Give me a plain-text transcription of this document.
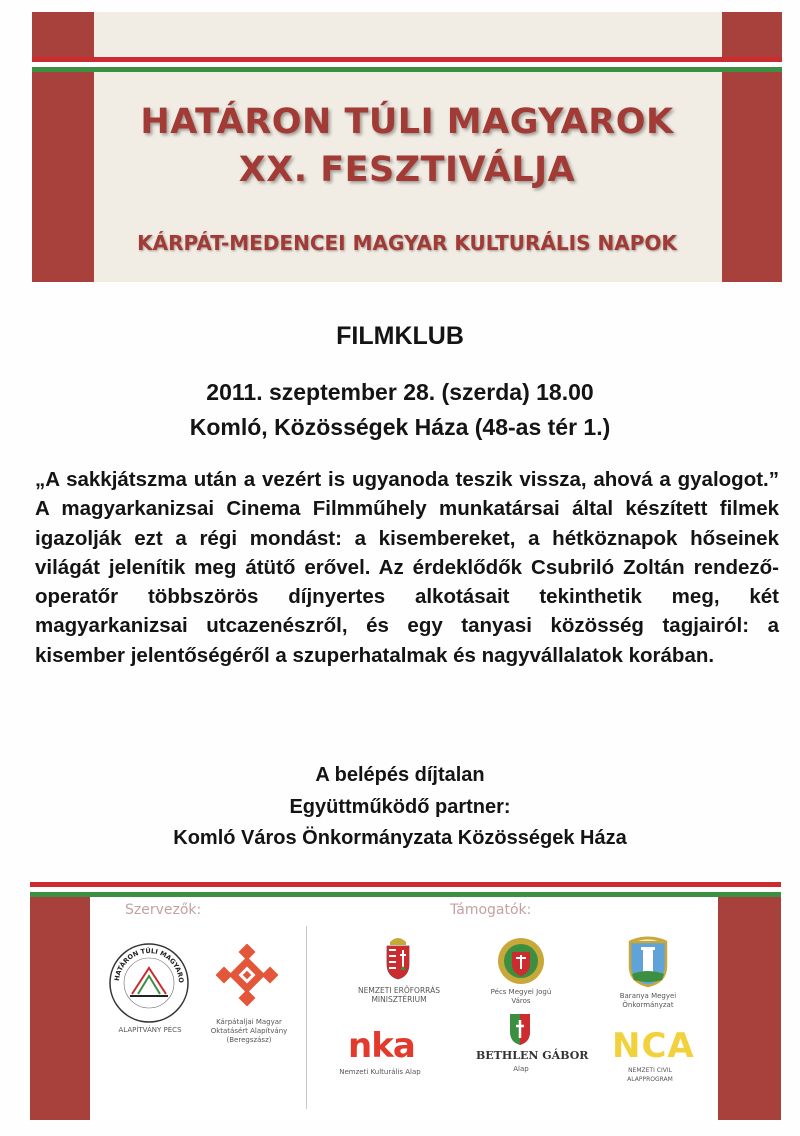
HATÁRON TÚLI MAGYAROK
XX. FESZTIVÁLJA
KÁRPÁT-MEDENCEI MAGYAR KULTURÁLIS NAPOK
FILMKLUB
2011. szeptember 28. (szerda) 18.00
Komló, Közösségek Háza (48-as tér 1.)

„A sakkjátszma után a vezért is ugyanoda teszik vissza, ahová a gyalogot.” A magyarkanizsai Cinema Filmműhely munkatársai által készített filmek igazolják ezt a régi mondást: a kisembereket, a hétköznapok hőseinek világát jelenítik meg átütő erővel. Az érdeklődők Csubriló Zoltán rendező-operatőr többszörös díjnyertes alkotásait tekinthetik meg, két magyarkanizsai utcazenészről, és egy tanyasi közösség tagjairól: a kisember jelentőségéről a szuperhatalmak és nagyvállalatok korában.

A belépés díjtalan
Együttműködő partner:
Komló Város Önkormányzata Közösségek Háza
Szervezők:	Támogatók:
HATÁRON TÚLI MAGYARO
ALAPÍTVÁNY PÉCS
Kárpátaljai Magyar Oktatásért Alapítvány (Beregszász)
NEMZETI ERŐFORRÁS MINISZTÉRIUM
Pécs Megyei Jogú Város
Baranya Megyei Önkormányzat
nka
Nemzeti Kulturális Alap
BETHLEN GÁBOR
Alap
NCA
NEMZETI CIVIL ALAPPROGRAM
